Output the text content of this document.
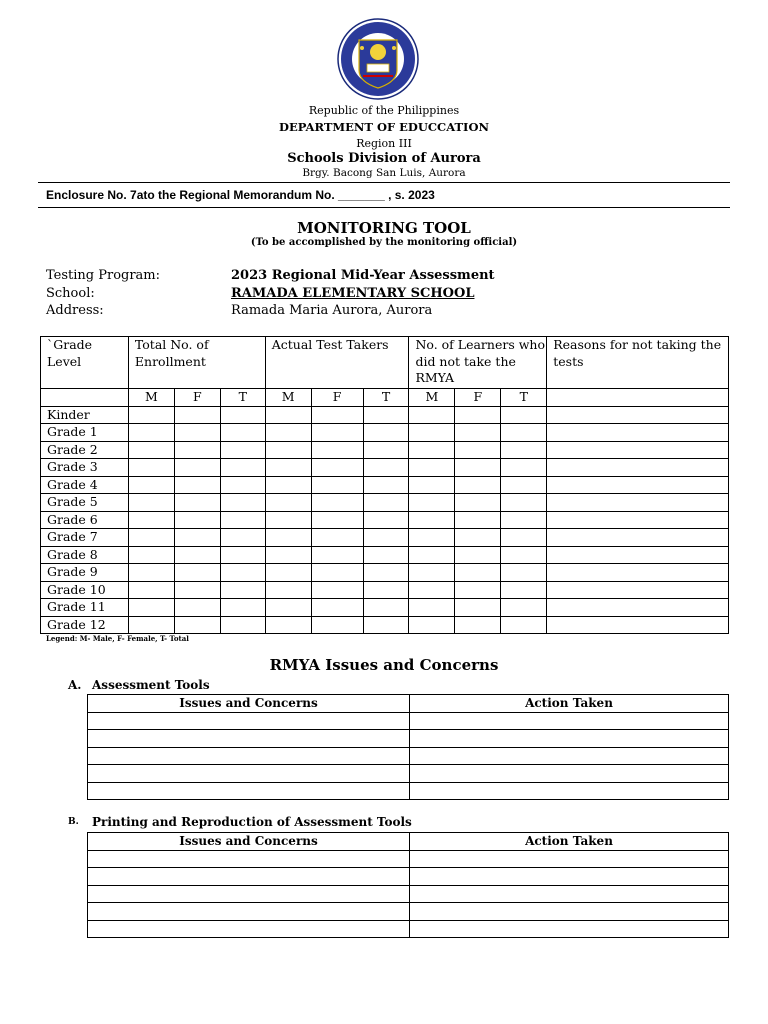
Republic of the Philippines
DEPARTMENT OF EDUCCATION
Region III
Schools Division of Aurora
Brgy. Bacong San Luis, Aurora
Enclosure No. 7ato the Regional Memorandum No. _______ , s. 2023
MONITORING TOOL
(To be accomplished by the monitoring official)
Testing Program:	2023 Regional Mid-Year Assessment
School:	RAMADA ELEMENTARY SCHOOL
Address:	Ramada Maria Aurora, Aurora
`Grade Level	Total No. of Enrollment			Actual Test Takers			No. of Learners who did not take the RMYA			Reasons for not taking the tests
	M	F	T	M	F	T	M	F	T	
Kinder										
Grade 1										
Grade 2										
Grade 3										
Grade 4										
Grade 5										
Grade 6										
Grade 7										
Grade 8										
Grade 9										
Grade 10										
Grade 11										
Grade 12										
Legend: M- Male, F- Female, T- Total
RMYA Issues and Concerns
A. Assessment Tools
Issues and Concerns	Action Taken

B. Printing and Reproduction of Assessment Tools
Issues and Concerns	Action Taken
